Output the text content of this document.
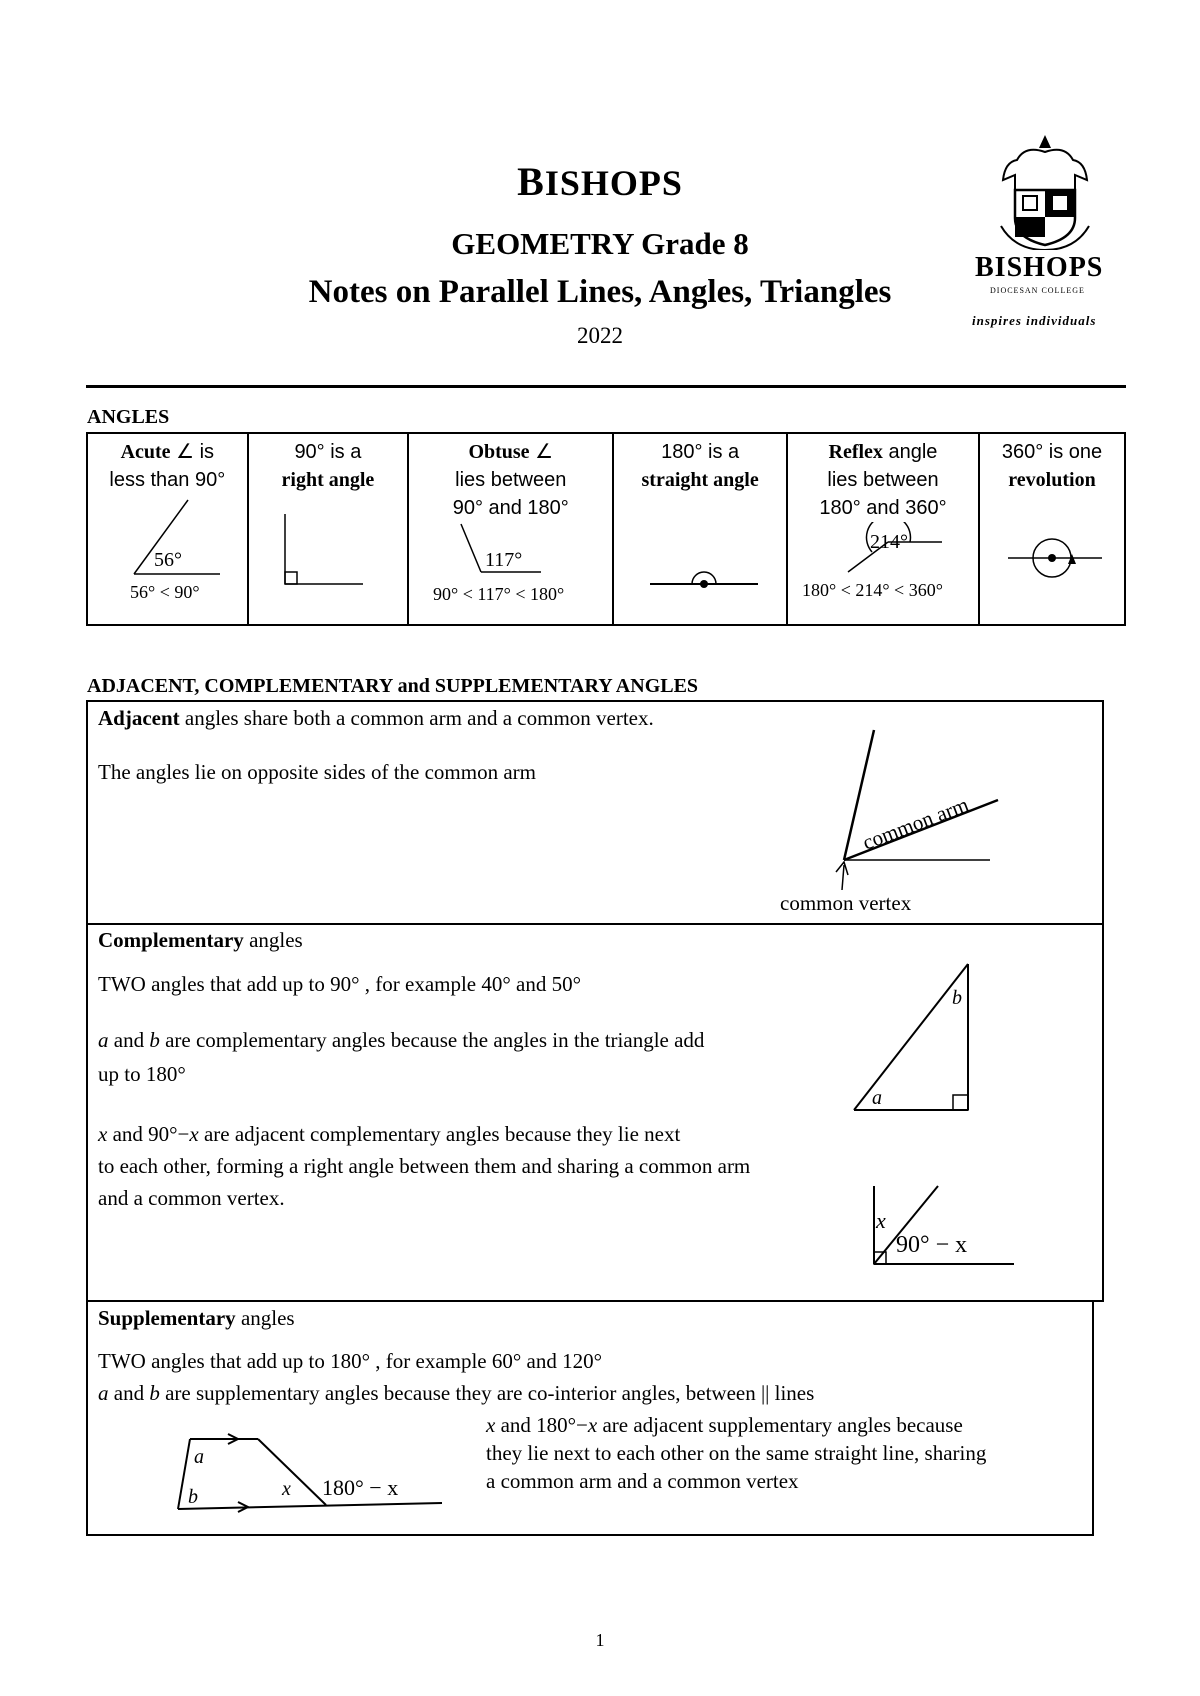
BISHOPS
GEOMETRY Grade 8
Notes on Parallel Lines, Angles, Triangles
2022
BISHOPS
DIOCESAN COLLEGE
inspires individuals
ANGLES
Acute ∠ is
less than 90°
56°
56° < 90°
	90° is a
right angle
	Obtuse ∠
lies between
90° and 180°
117°
90° < 117° < 180°
	180° is a
straight angle
	Reflex angle
lies between
180° and 360°
214°
180° < 214° < 360°
	360° is one
revolution
ADJACENT, COMPLEMENTARY and SUPPLEMENTARY ANGLES
Adjacent angles share both a common arm and a common vertex.
The angles lie on opposite sides of the common arm
common arm
common vertex
Complementary angles
TWO angles that add up to 90° , for example 40° and 50°
a and b are complementary angles because the angles in the triangle add
up to 180°
x and 90°−x are adjacent complementary angles because they lie next
to each other, forming a right angle between them and sharing a common arm
and a common vertex.
a
b
x
90° − x
Supplementary angles
TWO angles that add up to 180° , for example 60° and 120°
a and b are supplementary angles because they are co-interior angles, between || lines
x and 180°−x are adjacent supplementary angles because
they lie next to each other on the same straight line, sharing
a common arm and a common vertex
a
b	x 180° − x
1
